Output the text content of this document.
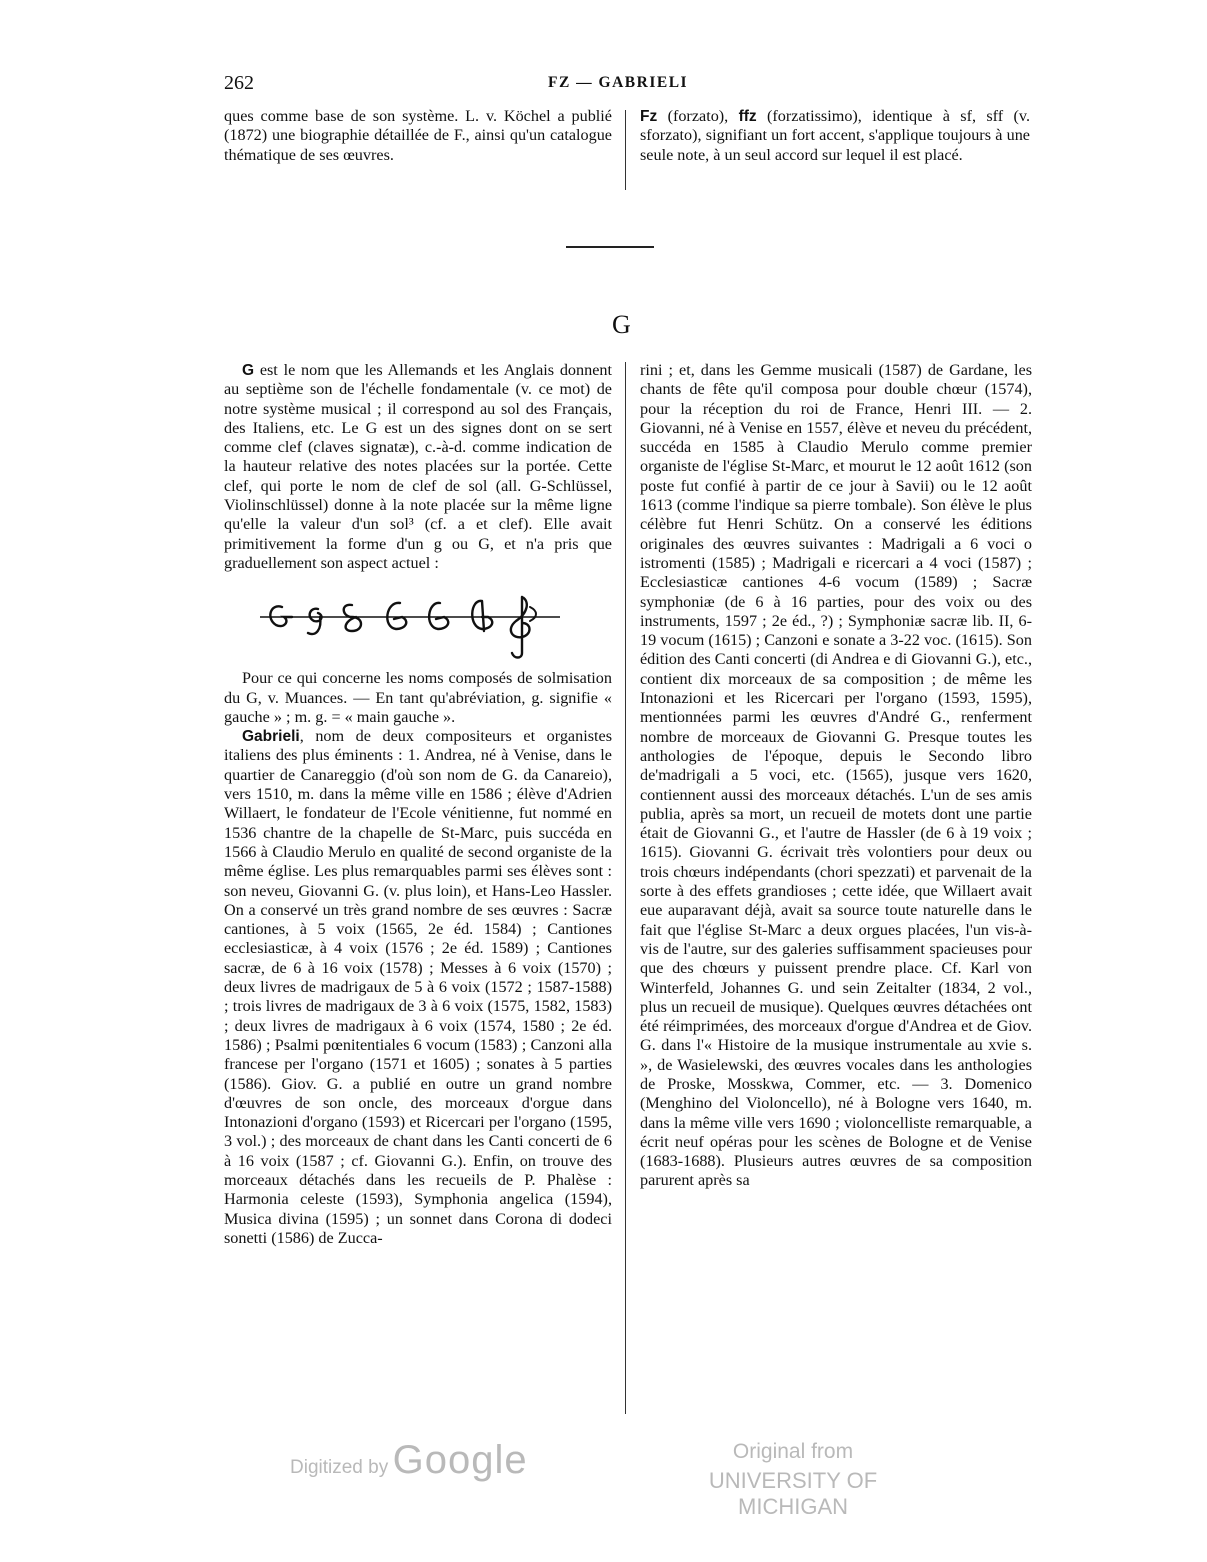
262	FZ — GABRIELI

ques comme base de son système. L. v. Köchel a publié (1872) une biographie détaillée de F., ainsi qu'un catalogue thématique de ses œuvres.

Fz (forzato), ffz (forzatissimo), identique à sf, sff (v. sforzato), signifiant un fort accent, s'applique toujours à une seule note, à un seul accord sur lequel il est placé.

G

G est le nom que les Allemands et les Anglais donnent au septième son de l'échelle fondamentale (v. ce mot) de notre système musical ; il correspond au sol des Français, des Italiens, etc. Le G est un des signes dont on se sert comme clef (claves signatæ), c.-à-d. comme indication de la hauteur relative des notes placées sur la portée. Cette clef, qui porte le nom de clef de sol (all. G-Schlüssel, Violinschlüssel) donne à la note placée sur la même ligne qu'elle la valeur d'un sol³ (cf. a et clef). Elle avait primitivement la forme d'un g ou G, et n'a pris que graduellement son aspect actuel :

Pour ce qui concerne les noms composés de solmisation du G, v. Muances. — En tant qu'abréviation, g. signifie « gauche » ; m. g. = « main gauche ».

Gabrieli, nom de deux compositeurs et organistes italiens des plus éminents : 1. Andrea, né à Venise, dans le quartier de Canareggio (d'où son nom de G. da Canareio), vers 1510, m. dans la même ville en 1586 ; élève d'Adrien Willaert, le fondateur de l'Ecole vénitienne, fut nommé en 1536 chantre de la chapelle de St-Marc, puis succéda en 1566 à Claudio Merulo en qualité de second organiste de la même église. Les plus remarquables parmi ses élèves sont : son neveu, Giovanni G. (v. plus loin), et Hans-Leo Hassler. On a conservé un très grand nombre de ses œuvres : Sacræ cantiones, à 5 voix (1565, 2e éd. 1584) ; Cantiones ecclesiasticæ, à 4 voix (1576 ; 2e éd. 1589) ; Cantiones sacræ, de 6 à 16 voix (1578) ; Messes à 6 voix (1570) ; deux livres de madrigaux de 5 à 6 voix (1572 ; 1587-1588) ; trois livres de madrigaux de 3 à 6 voix (1575, 1582, 1583) ; deux livres de madrigaux à 6 voix (1574, 1580 ; 2e éd. 1586) ; Psalmi pœnitentiales 6 vocum (1583) ; Canzoni alla francese per l'organo (1571 et 1605) ; sonates à 5 parties (1586). Giov. G. a publié en outre un grand nombre d'œuvres de son oncle, des morceaux d'orgue dans Intonazioni d'organo (1593) et Ricercari per l'organo (1595, 3 vol.) ; des morceaux de chant dans les Canti concerti de 6 à 16 voix (1587 ; cf. Giovanni G.). Enfin, on trouve des morceaux détachés dans les recueils de P. Phalèse : Harmonia celeste (1593), Symphonia angelica (1594), Musica divina (1595) ; un sonnet dans Corona di dodeci sonetti (1586) de Zucca-

rini ; et, dans les Gemme musicali (1587) de Gardane, les chants de fête qu'il composa pour double chœur (1574), pour la réception du roi de France, Henri III. — 2. Giovanni, né à Venise en 1557, élève et neveu du précédent, succéda en 1585 à Claudio Merulo comme premier organiste de l'église St-Marc, et mourut le 12 août 1612 (son poste fut confié à partir de ce jour à Savii) ou le 12 août 1613 (comme l'indique sa pierre tombale). Son élève le plus célèbre fut Henri Schütz. On a conservé les éditions originales des œuvres suivantes : Madrigali a 6 voci o istromenti (1585) ; Madrigali e ricercari a 4 voci (1587) ; Ecclesiasticæ cantiones 4-6 vocum (1589) ; Sacræ symphoniæ (de 6 à 16 parties, pour des voix ou des instruments, 1597 ; 2e éd., ?) ; Symphoniæ sacræ lib. II, 6-19 vocum (1615) ; Canzoni e sonate a 3-22 voc. (1615). Son édition des Canti concerti (di Andrea e di Giovanni G.), etc., contient dix morceaux de sa composition ; de même les Intonazioni et les Ricercari per l'organo (1593, 1595), mentionnées parmi les œuvres d'André G., renferment nombre de morceaux de Giovanni G. Presque toutes les anthologies de l'époque, depuis le Secondo libro de'madrigali a 5 voci, etc. (1565), jusque vers 1620, contiennent aussi des morceaux détachés. L'un de ses amis publia, après sa mort, un recueil de motets dont une partie était de Giovanni G., et l'autre de Hassler (de 6 à 19 voix ; 1615). Giovanni G. écrivait très volontiers pour deux ou trois chœurs indépendants (chori spezzati) et parvenait de la sorte à des effets grandioses ; cette idée, que Willaert avait eue auparavant déjà, avait sa source toute naturelle dans le fait que l'église St-Marc a deux orgues placées, l'un vis-à-vis de l'autre, sur des galeries suffisamment spacieuses pour que des chœurs y puissent prendre place. Cf. Karl von Winterfeld, Johannes G. und sein Zeitalter (1834, 2 vol., plus un recueil de musique). Quelques œuvres détachées ont été réimprimées, des morceaux d'orgue d'Andrea et de Giov. G. dans l'« Histoire de la musique instrumentale au xvie s. », de Wasielewski, des œuvres vocales dans les anthologies de Proske, Mosskwa, Commer, etc. — 3. Domenico (Menghino del Violoncello), né à Bologne vers 1640, m. dans la même ville vers 1690 ; violoncelliste remarquable, a écrit neuf opéras pour les scènes de Bologne et de Venise (1683-1688). Plusieurs autres œuvres de sa composition parurent après sa

Digitized by Google	Original from
UNIVERSITY OF MICHIGAN
